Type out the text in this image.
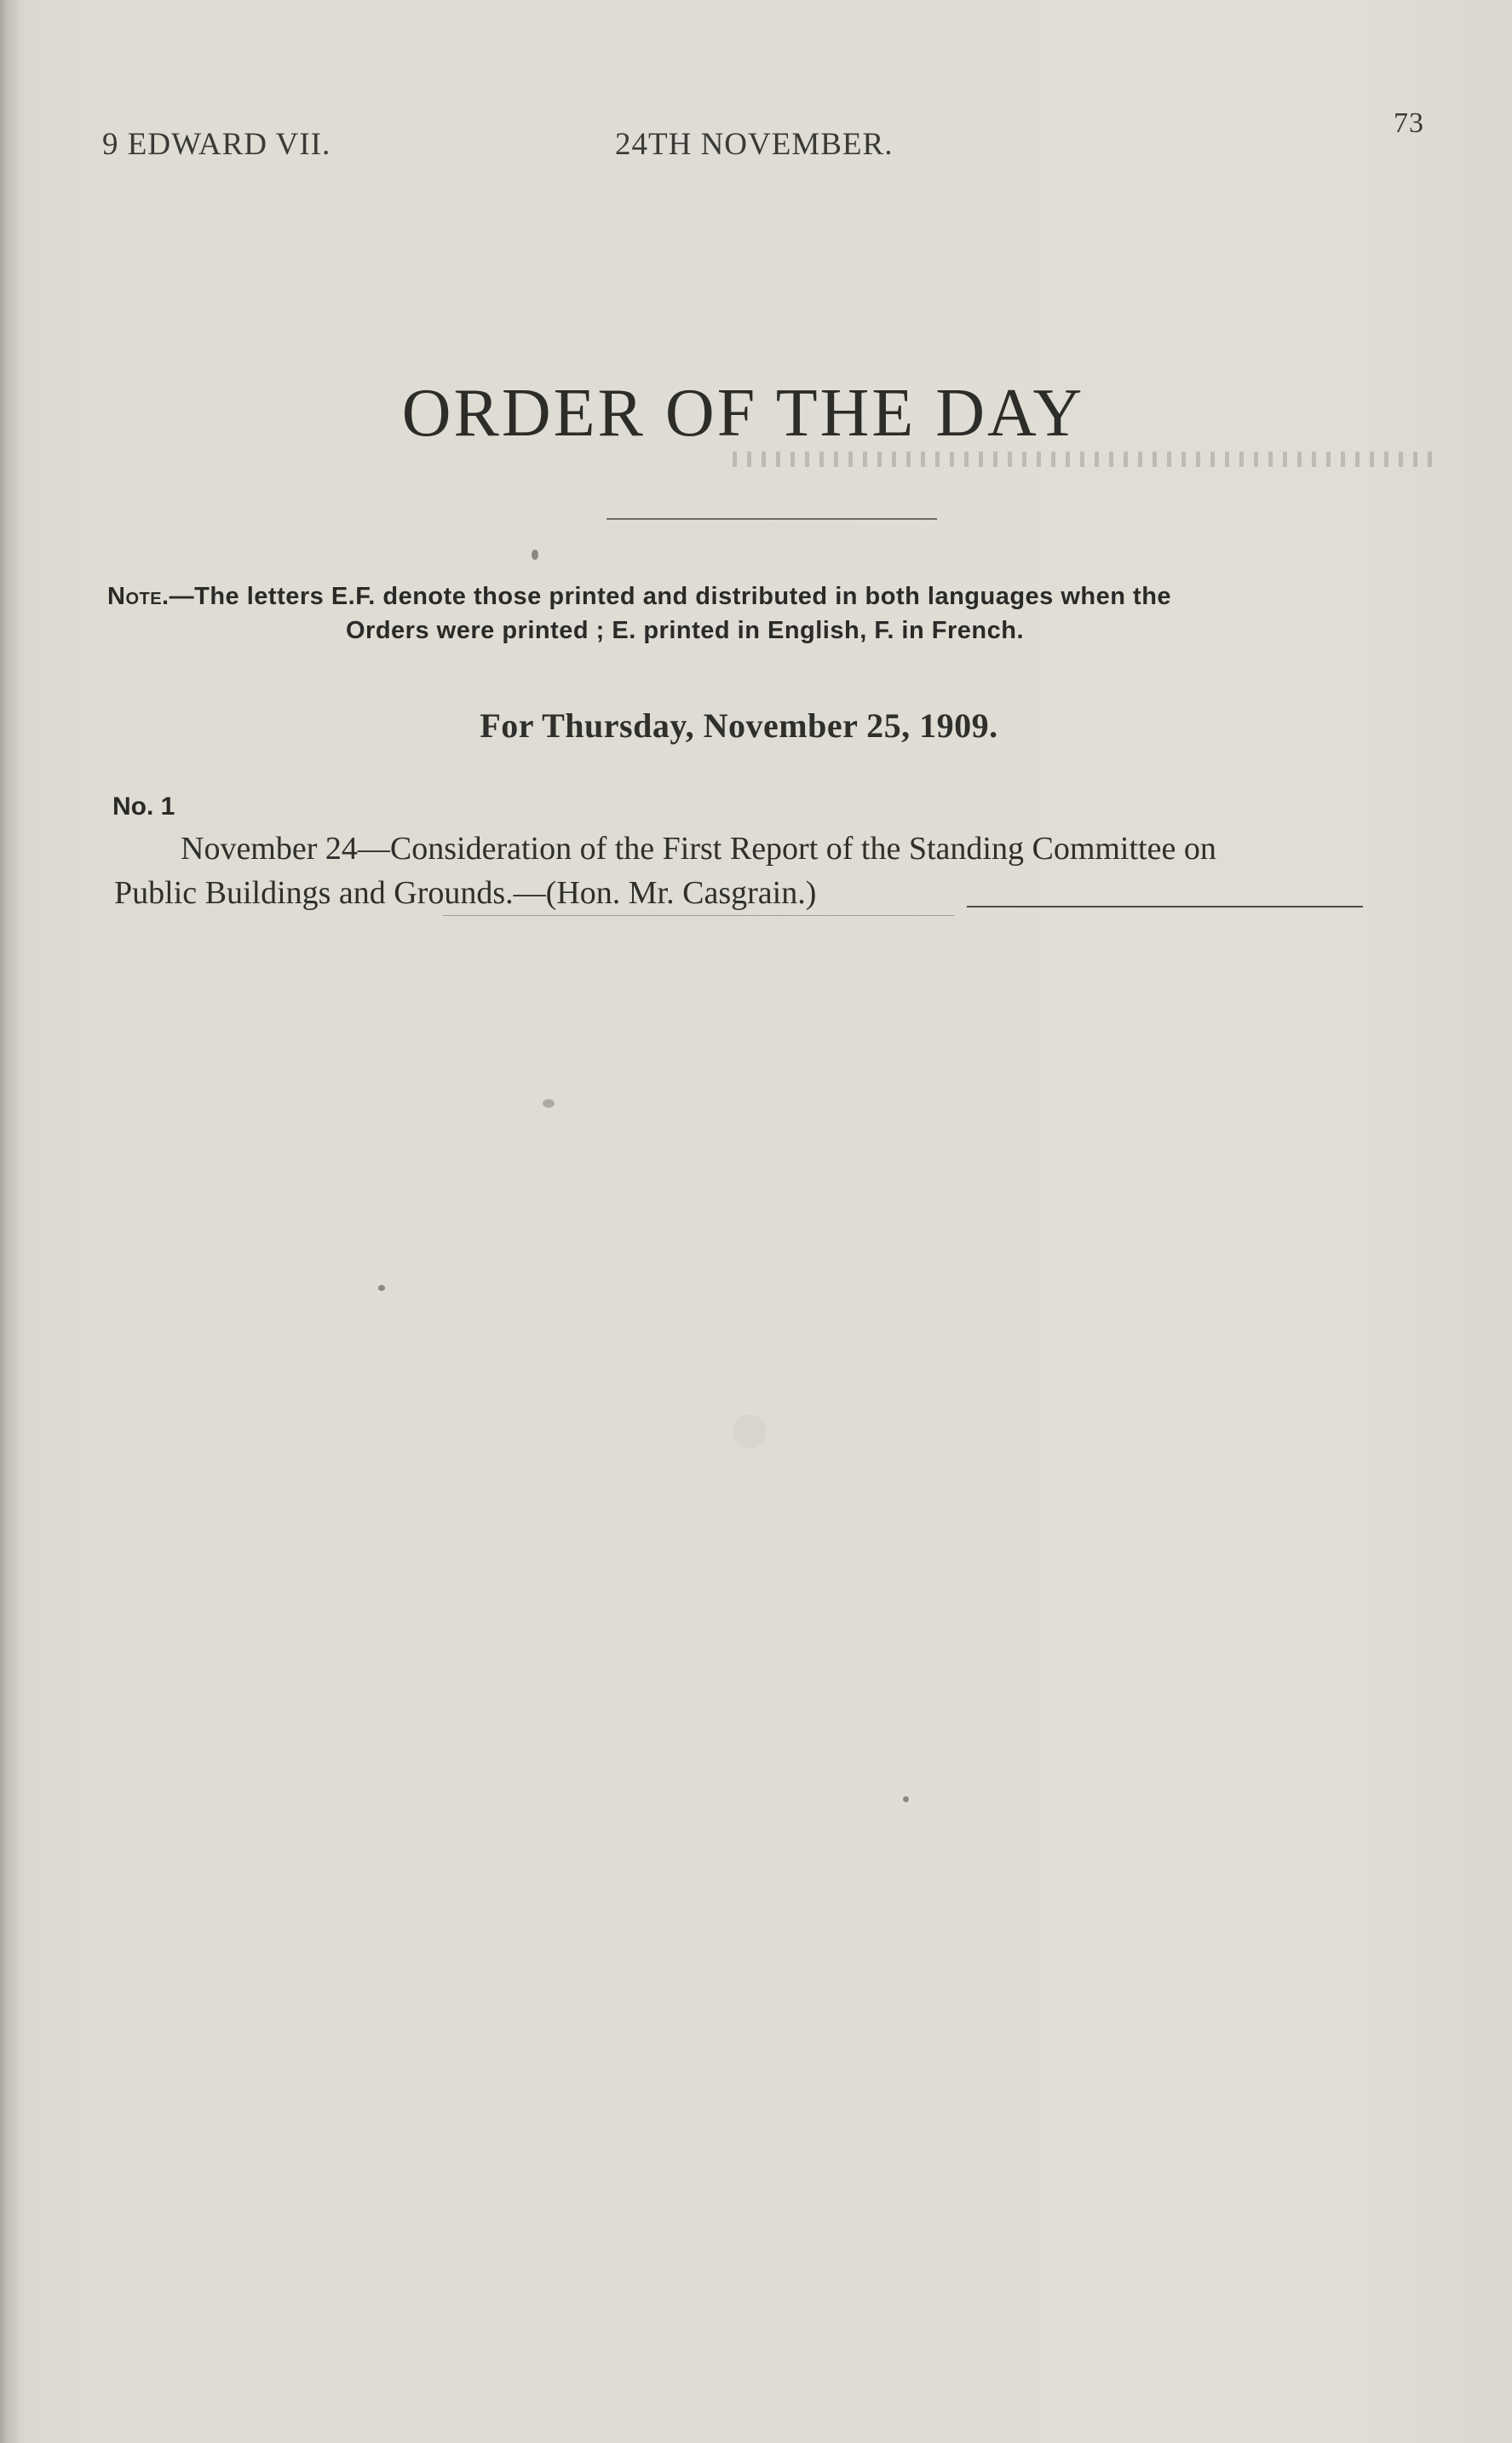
9 EDWARD VII.	24TH NOVEMBER.
73
ORDER OF THE DAY
Note.—The letters E.F. denote those printed and distributed in both languages when the
Orders were printed ; E. printed in English, F. in French.
For Thursday, November 25, 1909.
No. 1
November 24—Consideration of the First Report of the Standing Committee on
Public Buildings and Grounds.—(Hon. Mr. Casgrain.)
